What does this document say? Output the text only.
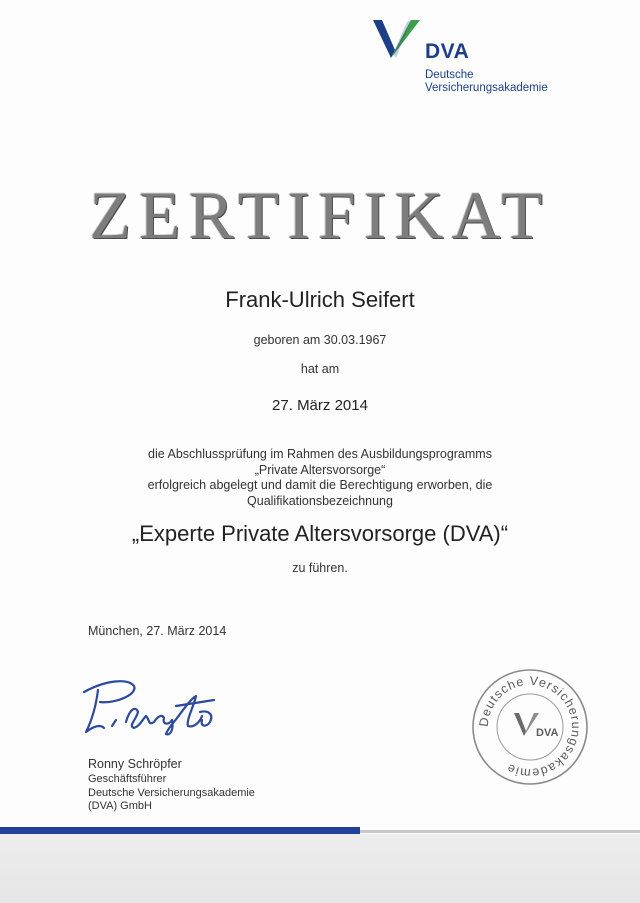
DVA
Deutsche
Versicherungsakademie
ZERTIFIKAT
Frank-Ulrich Seifert
geboren am 30.03.1967
hat am
27. März 2014
die Abschlussprüfung im Rahmen des Ausbildungsprogramms
„Private Altersvorsorge“
erfolgreich abgelegt und damit die Berechtigung erworben, die
Qualifikationsbezeichnung
„Experte Private Altersvorsorge (DVA)“
zu führen.
München, 27. März 2014
Ronny Schröpfer
Geschäftsführer
Deutsche Versicherungsakademie
(DVA) GmbH
Deutsche Versicherungsakademie
DVA
